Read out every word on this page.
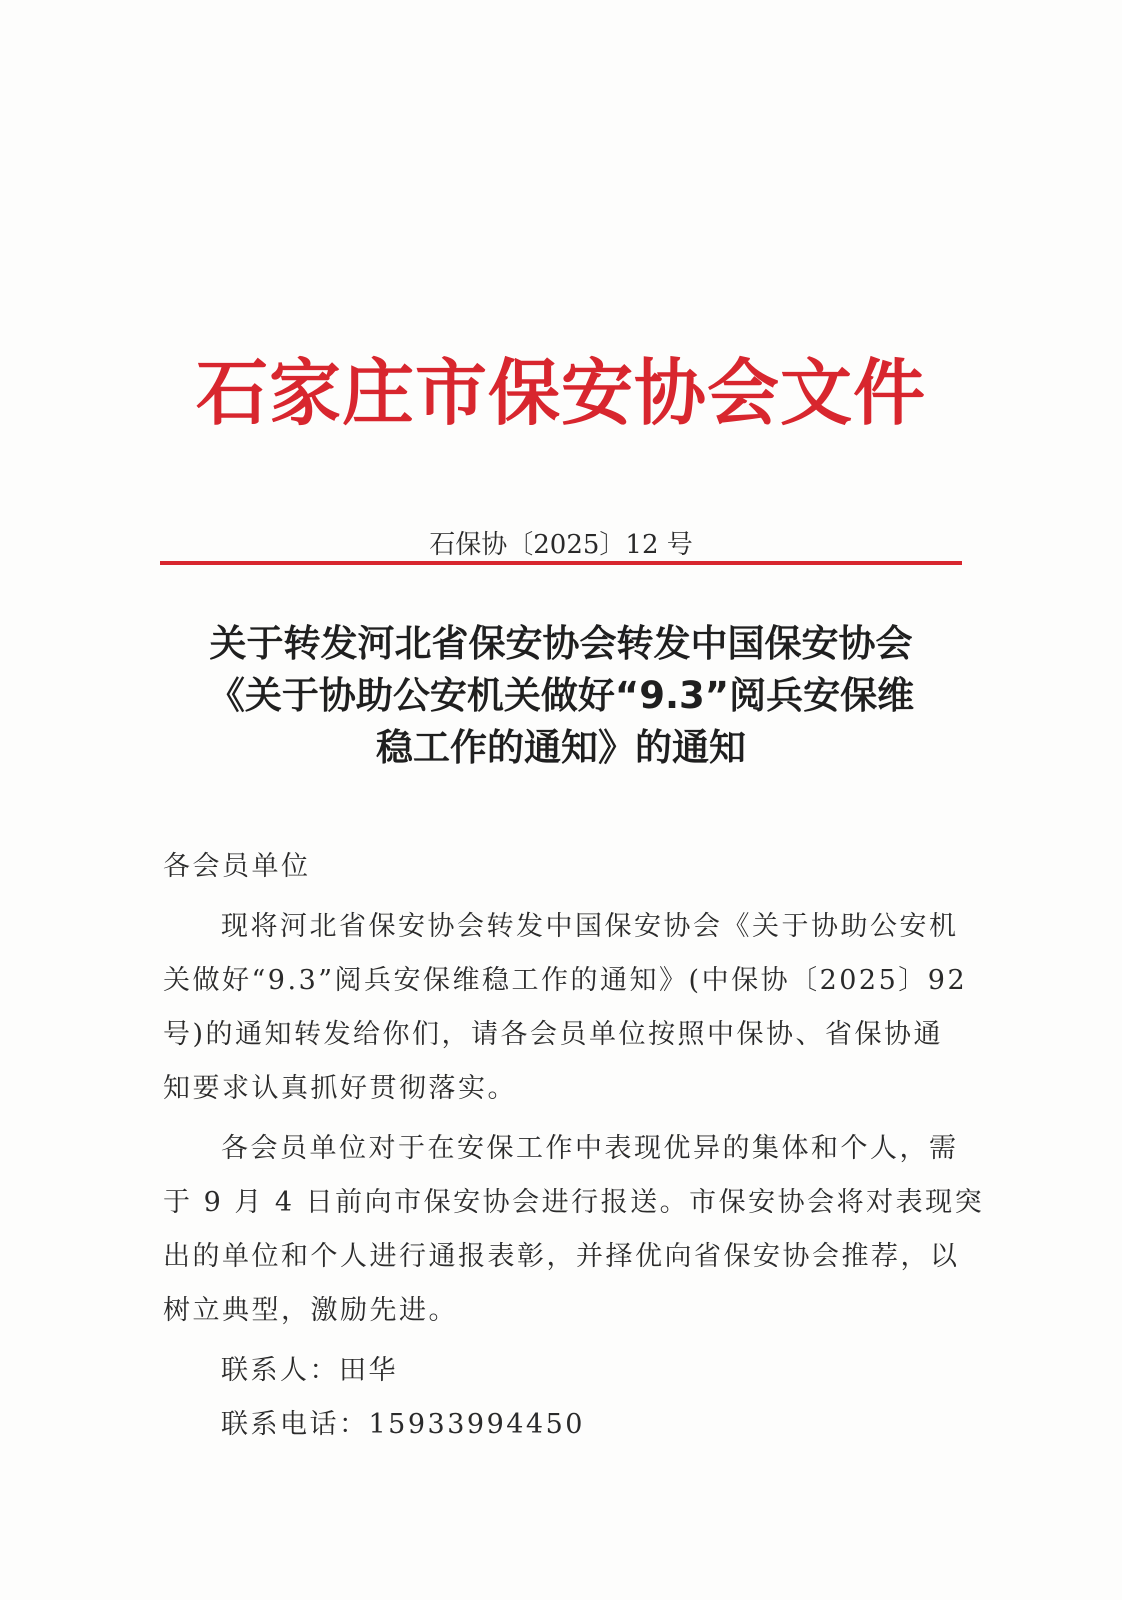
石家庄市保安协会文件
石保协〔2025〕12 号
关于转发河北省保安协会转发中国保安协会
《关于协助公安机关做好“9.3”阅兵安保维
稳工作的通知》的通知
各会员单位
现将河北省保安协会转发中国保安协会《关于协助公安机
关做好“9.3”阅兵安保维稳工作的通知》(中保协〔2025〕92
号)的通知转发给你们，请各会员单位按照中保协、省保协通
知要求认真抓好贯彻落实。
各会员单位对于在安保工作中表现优异的集体和个人，需
于 9 月 4 日前向市保安协会进行报送。市保安协会将对表现突
出的单位和个人进行通报表彰，并择优向省保安协会推荐，以
树立典型，激励先进。
联系人：田华
联系电话：15933994450
